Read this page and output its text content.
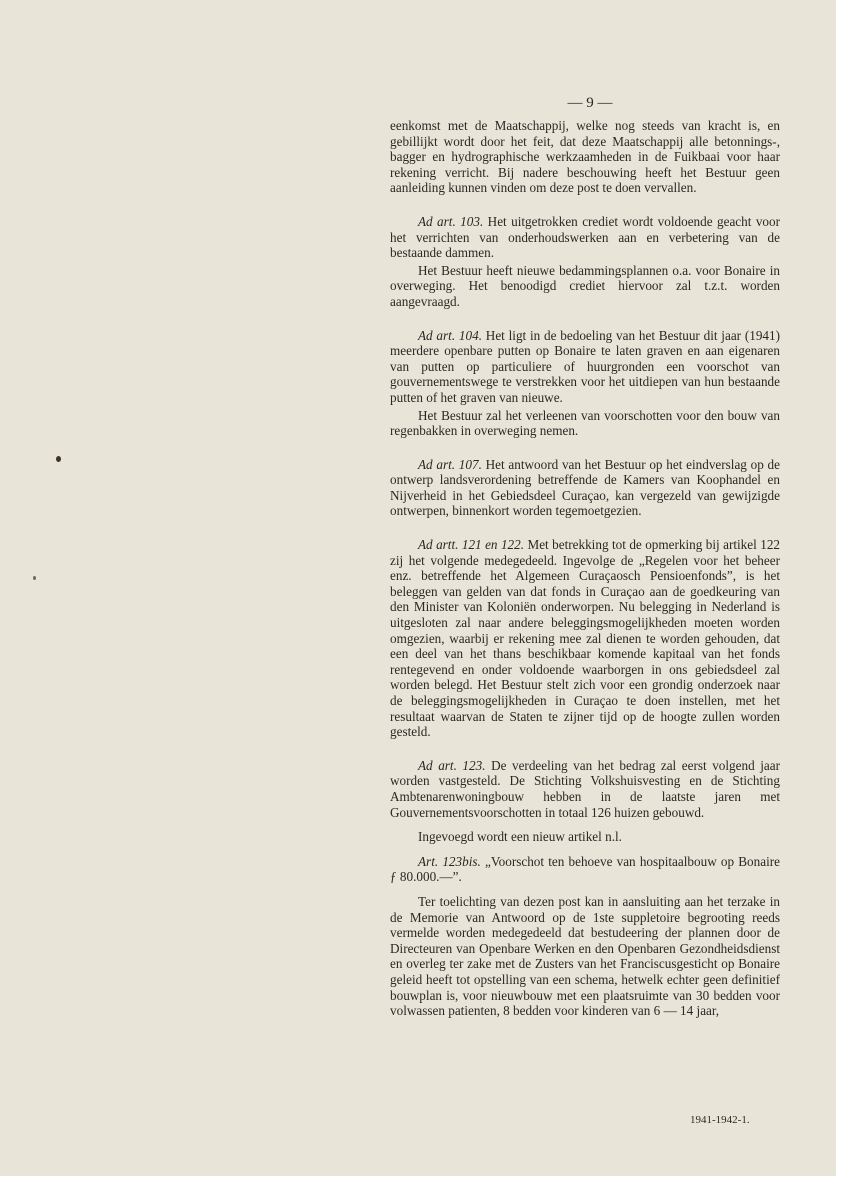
— 9 —

eenkomst met de Maatschappij, welke nog steeds van kracht is, en gebillijkt wordt door het feit, dat deze Maatschappij alle betonnings-, bagger en hydrographische werkzaamheden in de Fuikbaai voor haar rekening verricht. Bij nadere beschouwing heeft het Bestuur geen aanleiding kunnen vinden om deze post te doen vervallen.

Ad art. 103. Het uitgetrokken crediet wordt voldoende geacht voor het verrichten van onderhoudswerken aan en verbetering van de bestaande dammen.

Het Bestuur heeft nieuwe bedammingsplannen o.a. voor Bonaire in overweging. Het benoodigd crediet hiervoor zal t.z.t. worden aangevraagd.

Ad art. 104. Het ligt in de bedoeling van het Bestuur dit jaar (1941) meerdere openbare putten op Bonaire te laten graven en aan eigenaren van putten op particuliere of huurgronden een voorschot van gouvernementswege te verstrekken voor het uitdiepen van hun bestaande putten of het graven van nieuwe.

Het Bestuur zal het verleenen van voorschotten voor den bouw van regenbakken in overweging nemen.

Ad art. 107. Het antwoord van het Bestuur op het eindverslag op de ontwerp landsverordening betreffende de Kamers van Koophandel en Nijverheid in het Gebiedsdeel Curaçao, kan vergezeld van gewijzigde ontwerpen, binnenkort worden tegemoetgezien.

Ad artt. 121 en 122. Met betrekking tot de opmerking bij artikel 122 zij het volgende medegedeeld. Ingevolge de „Regelen voor het beheer enz. betreffende het Algemeen Curaçaosch Pensioenfonds”, is het beleggen van gelden van dat fonds in Curaçao aan de goedkeuring van den Minister van Koloniën onderworpen. Nu belegging in Nederland is uitgesloten zal naar andere beleggingsmogelijkheden moeten worden omgezien, waarbij er rekening mee zal dienen te worden gehouden, dat een deel van het thans beschikbaar komende kapitaal van het fonds rentegevend en onder voldoende waarborgen in ons gebiedsdeel zal worden belegd. Het Bestuur stelt zich voor een grondig onderzoek naar de beleggingsmogelijkheden in Curaçao te doen instellen, met het resultaat waarvan de Staten te zijner tijd op de hoogte zullen worden gesteld.

Ad art. 123. De verdeeling van het bedrag zal eerst volgend jaar worden vastgesteld. De Stichting Volkshuisvesting en de Stichting Ambtenarenwoningbouw hebben in de laatste jaren met Gouvernementsvoorschotten in totaal 126 huizen gebouwd.

Ingevoegd wordt een nieuw artikel n.l.

Art. 123bis. „Voorschot ten behoeve van hospitaalbouw op Bonaire ƒ 80.000.—”.

Ter toelichting van dezen post kan in aansluiting aan het terzake in de Memorie van Antwoord op de 1ste suppletoire begrooting reeds vermelde worden medegedeeld dat bestudeering der plannen door de Directeuren van Openbare Werken en den Openbaren Gezondheidsdienst en overleg ter zake met de Zusters van het Franciscusgesticht op Bonaire geleid heeft tot opstelling van een schema, hetwelk echter geen definitief bouwplan is, voor nieuwbouw met een plaatsruimte van 30 bedden voor volwassen patienten, 8 bedden voor kinderen van 6 — 14 jaar,

1941-1942-1.
